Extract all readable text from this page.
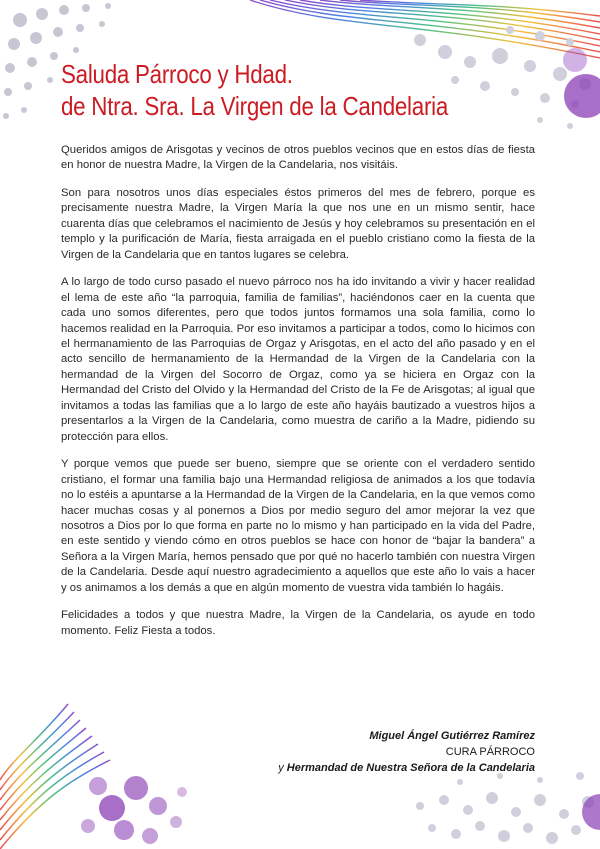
Saluda Párroco y Hdad.
de Ntra. Sra. La Virgen de la Candelaria

Queridos amigos de Arisgotas y vecinos de otros pueblos vecinos que en estos días de fiesta en honor de nuestra Madre, la Virgen de la Candelaria, nos visitáis.

Son para nosotros unos días especiales éstos primeros del mes de febrero, porque es precisamente nuestra Madre, la Virgen María la que nos une en un mismo sentir, hace cuarenta días que celebramos el nacimiento de Jesús y hoy celebramos su presentación en el templo y la purificación de María, fiesta arraigada en el pueblo cristiano como la fiesta de la Virgen de la Candelaria que en tantos lugares se celebra.

A lo largo de todo curso pasado el nuevo párroco nos ha ido invitando a vivir y hacer realidad el lema de este año “la parroquia, familia de familias”, haciéndonos caer en la cuenta que cada uno somos diferentes, pero que todos juntos formamos una sola familia, como lo hacemos realidad en la Parroquia. Por eso invitamos a participar a todos, como lo hicimos con el hermanamiento de las Parroquias de Orgaz y Arisgotas, en el acto del año pasado y en el acto sencillo de hermanamiento de la Hermandad de la Virgen de la Candelaria con la hermandad de la Virgen del Socorro de Orgaz, como ya se hiciera en Orgaz con la Hermandad del Cristo del Olvido y la Hermandad del Cristo de la Fe de Arisgotas; al igual que invitamos a todas las familias que a lo largo de este año hayáis bautizado a vuestros hijos a presentarlos a la Virgen de la Candelaria, como muestra de cariño a la Madre, pidiendo su protección para ellos.

Y porque vemos que puede ser bueno, siempre que se oriente con el verdadero sentido cristiano, el formar una familia bajo una Hermandad religiosa de animados a los que todavía no lo estéis a apuntarse a la Hermandad de la Virgen de la Candelaria, en la que vemos como hacer muchas cosas y al ponernos a Dios por medio seguro del amor mejorar la vez que nosotros a Dios por lo que forma en parte no lo mismo y han participado en la vida del Padre, en este sentido y viendo cómo en otros pueblos se hace con honor de “bajar la bandera” a Señora a la Virgen María, hemos pensado que por qué no hacerlo también con nuestra Virgen de la Candelaria. Desde aquí nuestro agradecimiento a aquellos que este año lo vais a hacer y os animamos a los demás a que en algún momento de vuestra vida también lo hagáis.

Felicidades a todos y que nuestra Madre, la Virgen de la Candelaria, os ayude en todo momento. Feliz Fiesta a todos.

Miguel Ángel Gutiérrez Ramírez
CURA PÁRROCO
y Hermandad de Nuestra Señora de la Candelaria
